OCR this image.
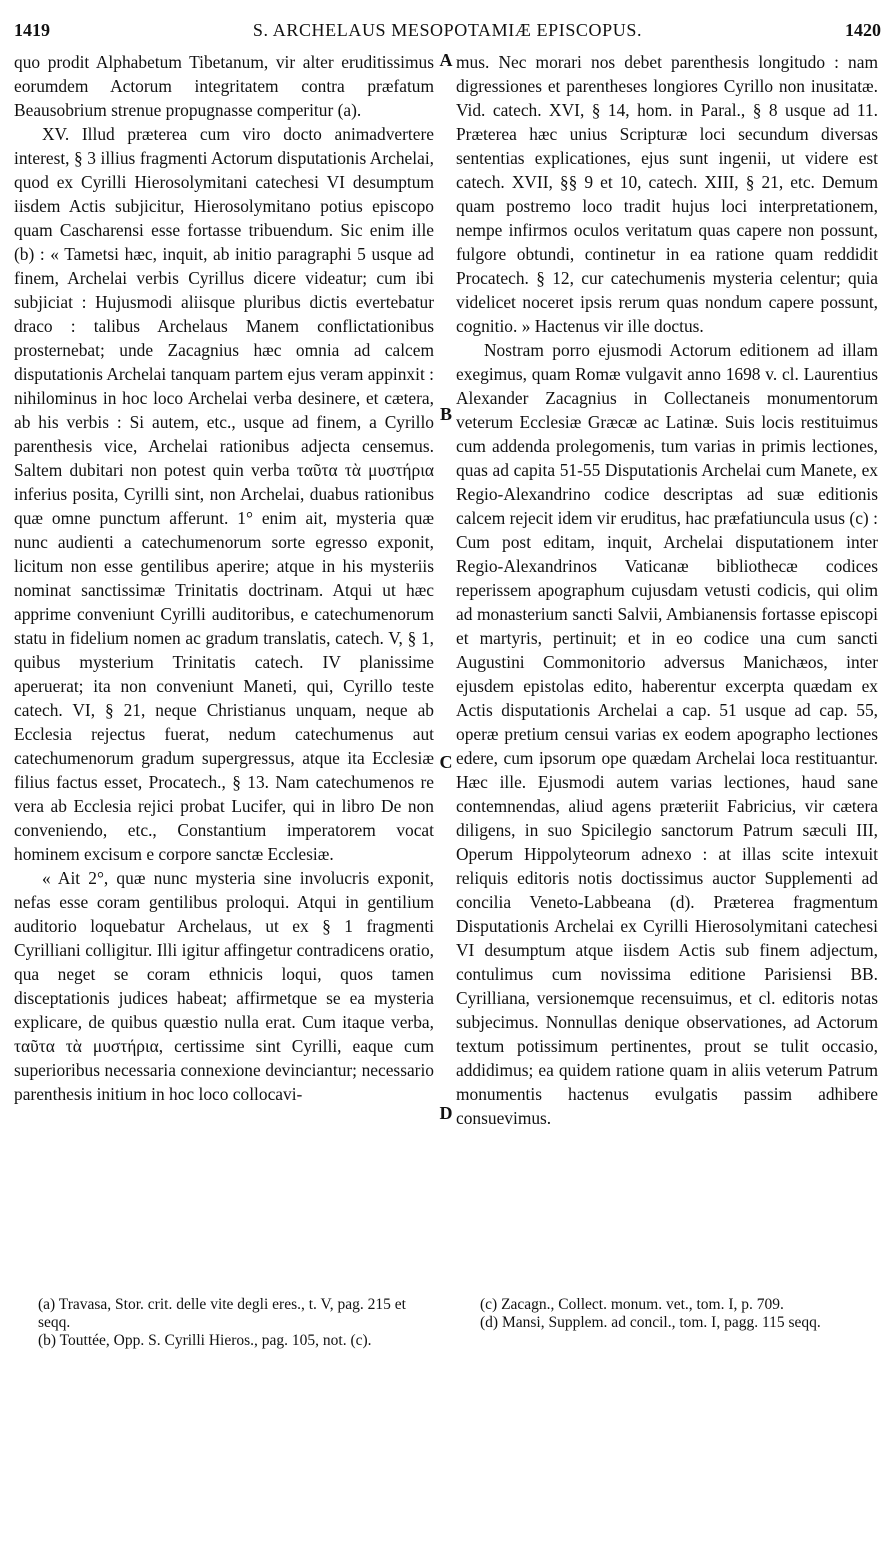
1419	S. ARCHELAUS MESOPOTAMIÆ EPISCOPUS.	1420

quo prodit Alphabetum Tibetanum, vir alter eruditissimus eorumdem Actorum integritatem contra præfatum Beausobrium strenue propugnasse comperitur (a).

XV. Illud præterea cum viro docto animadvertere interest, § 3 illius fragmenti Actorum disputationis Archelai, quod ex Cyrilli Hierosolymitani catechesi VI desumptum iisdem Actis subjicitur, Hierosolymitano potius episcopo quam Cascharensi esse fortasse tribuendum. Sic enim ille (b) : « Tametsi hæc, inquit, ab initio paragraphi 5 usque ad finem, Archelai verbis Cyrillus dicere videatur; cum ibi subjiciat : Hujusmodi aliisque pluribus dictis evertebatur draco : talibus Archelaus Manem conflictationibus prosternebat; unde Zacagnius hæc omnia ad calcem disputationis Archelai tanquam partem ejus veram appinxit : nihilominus in hoc loco Archelai verba desinere, et cætera, ab his verbis : Si autem, etc., usque ad finem, a Cyrillo parenthesis vice, Archelai rationibus adjecta censemus. Saltem dubitari non potest quin verba ταῦτα τὰ μυστήρια inferius posita, Cyrilli sint, non Archelai, duabus rationibus quæ omne punctum afferunt. 1° enim ait, mysteria quæ nunc audienti a catechumenorum sorte egresso exponit, licitum non esse gentilibus aperire; atque in his mysteriis nominat sanctissimæ Trinitatis doctrinam. Atqui ut hæc apprime conveniunt Cyrilli auditoribus, e catechumenorum statu in fidelium nomen ac gradum translatis, catech. V, § 1, quibus mysterium Trinitatis catech. IV planissime aperuerat; ita non conveniunt Maneti, qui, Cyrillo teste catech. VI, § 21, neque Christianus unquam, neque ab Ecclesia rejectus fuerat, nedum catechumenus aut catechumenorum gradum supergressus, atque ita Ecclesiæ filius factus esset, Procatech., § 13. Nam catechumenos re vera ab Ecclesia rejici probat Lucifer, qui in libro De non conveniendo, etc., Constantium imperatorem vocat hominem excisum e corpore sanctæ Ecclesiæ.

« Ait 2°, quæ nunc mysteria sine involucris exponit, nefas esse coram gentilibus proloqui. Atqui in gentilium auditorio loquebatur Archelaus, ut ex § 1 fragmenti Cyrilliani colligitur. Illi igitur affingetur contradicens oratio, qua neget se coram ethnicis loqui, quos tamen disceptationis judices habeat; affirmetque se ea mysteria explicare, de quibus quæstio nulla erat. Cum itaque verba, ταῦτα τὰ μυστήρια, certissime sint Cyrilli, eaque cum superioribus necessaria connexione devinciantur; necessario parenthesis initium in hoc loco collocavi-

A
B
C
D

mus. Nec morari nos debet parenthesis longitudo : nam digressiones et parentheses longiores Cyrillo non inusitatæ. Vid. catech. XVI, § 14, hom. in Paral., § 8 usque ad 11. Præterea hæc unius Scripturæ loci secundum diversas sententias explicationes, ejus sunt ingenii, ut videre est catech. XVII, §§ 9 et 10, catech. XIII, § 21, etc. Demum quam postremo loco tradit hujus loci interpretationem, nempe infirmos oculos veritatum quas capere non possunt, fulgore obtundi, continetur in ea ratione quam reddidit Procatech. § 12, cur catechumenis mysteria celentur; quia videlicet noceret ipsis rerum quas nondum capere possunt, cognitio. » Hactenus vir ille doctus.

Nostram porro ejusmodi Actorum editionem ad illam exegimus, quam Romæ vulgavit anno 1698 v. cl. Laurentius Alexander Zacagnius in Collectaneis monumentorum veterum Ecclesiæ Græcæ ac Latinæ. Suis locis restituimus cum addenda prolegomenis, tum varias in primis lectiones, quas ad capita 51-55 Disputationis Archelai cum Manete, ex Regio-Alexandrino codice descriptas ad suæ editionis calcem rejecit idem vir eruditus, hac præfatiuncula usus (c) : Cum post editam, inquit, Archelai disputationem inter Regio-Alexandrinos Vaticanæ bibliothecæ codices reperissem apographum cujusdam vetusti codicis, qui olim ad monasterium sancti Salvii, Ambianensis fortasse episcopi et martyris, pertinuit; et in eo codice una cum sancti Augustini Commonitorio adversus Manichæos, inter ejusdem epistolas edito, haberentur excerpta quædam ex Actis disputationis Archelai a cap. 51 usque ad cap. 55, operæ pretium censui varias ex eodem apographo lectiones edere, cum ipsorum ope quædam Archelai loca restituantur. Hæc ille. Ejusmodi autem varias lectiones, haud sane contemnendas, aliud agens præteriit Fabricius, vir cætera diligens, in suo Spicilegio sanctorum Patrum sæculi III, Operum Hippolyteorum adnexo : at illas scite intexuit reliquis editoris notis doctissimus auctor Supplementi ad concilia Veneto-Labbeana (d). Præterea fragmentum Disputationis Archelai ex Cyrilli Hierosolymitani catechesi VI desumptum atque iisdem Actis sub finem adjectum, contulimus cum novissima editione Parisiensi BB. Cyrilliana, versionemque recensuimus, et cl. editoris notas subjecimus. Nonnullas denique observationes, ad Actorum textum potissimum pertinentes, prout se tulit occasio, addidimus; ea quidem ratione quam in aliis veterum Patrum monumentis hactenus evulgatis passim adhibere consuevimus.

(a) Travasa, Stor. crit. delle vite degli eres., t. V, pag. 215 et seqq.
(b) Touttée, Opp. S. Cyrilli Hieros., pag. 105, not. (c).
(c) Zacagn., Collect. monum. vet., tom. I, p. 709.
(d) Mansi, Supplem. ad concil., tom. I, pagg. 115 seqq.
